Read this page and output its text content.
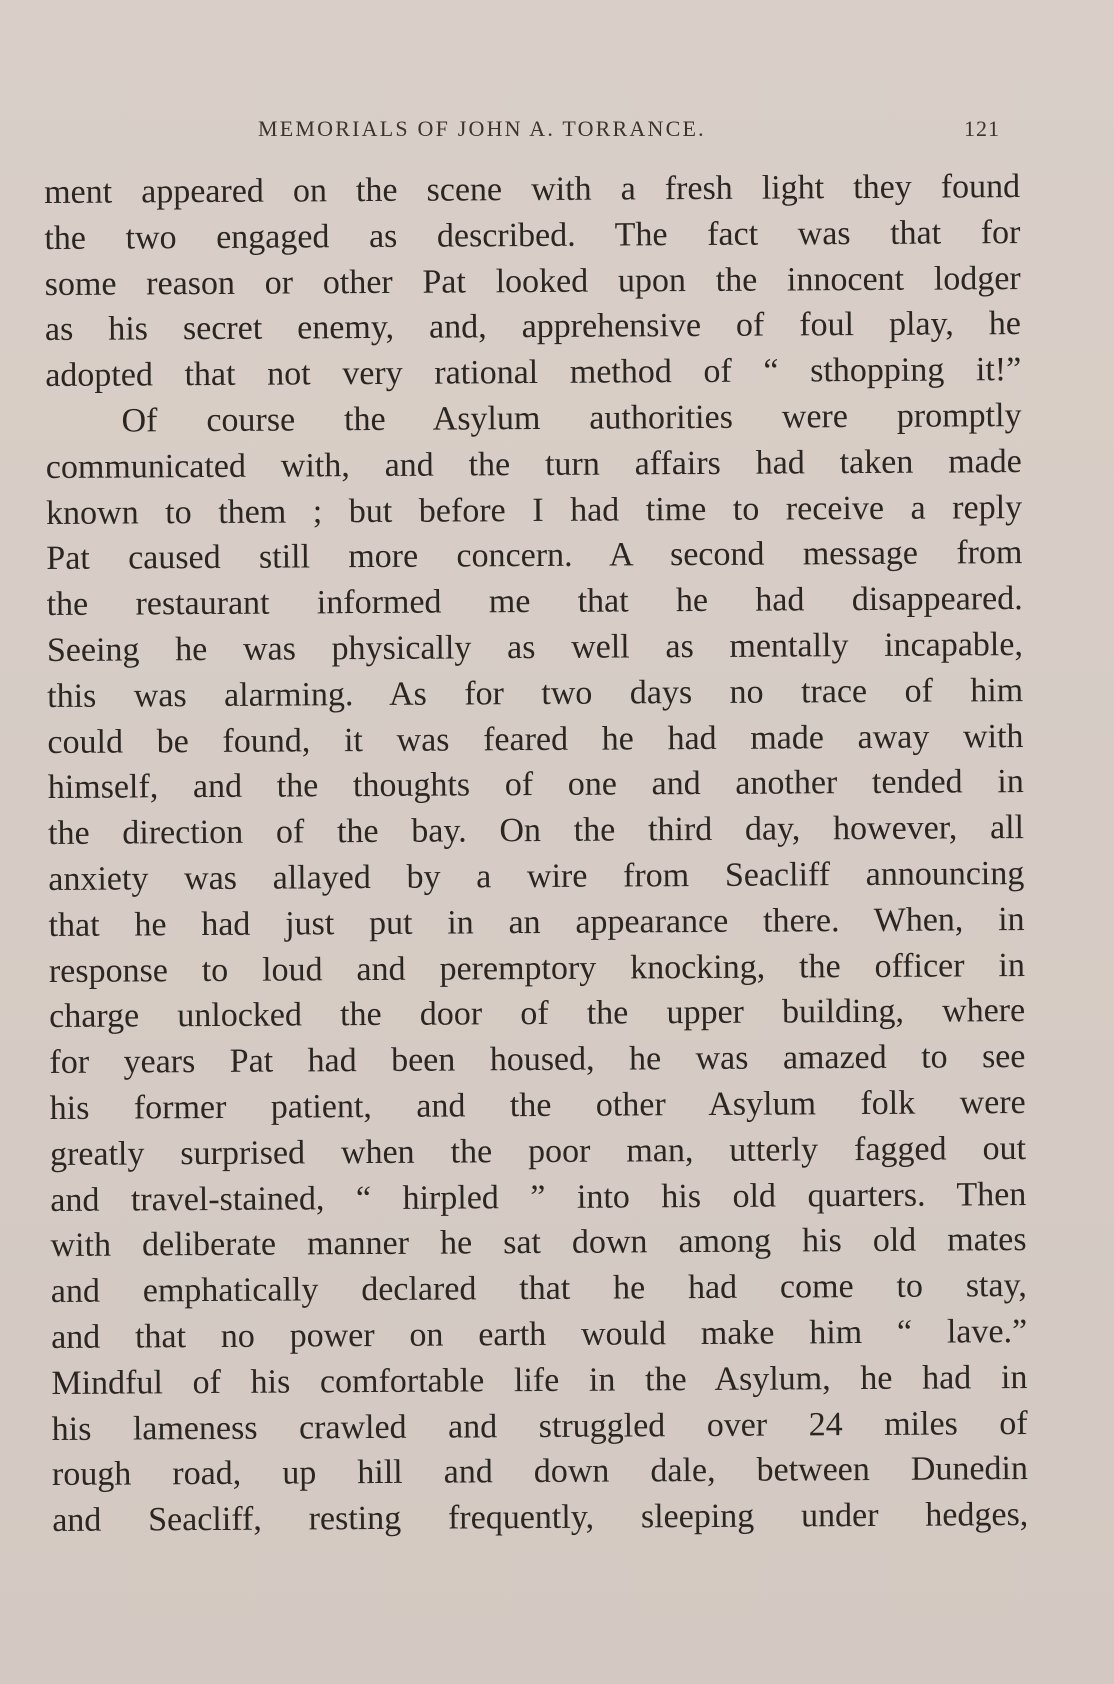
MEMORIALS OF JOHN A. TORRANCE.	121
ment appeared on the scene with a fresh light they found
the two engaged as described. The fact was that for
some reason or other Pat looked upon the innocent lodger
as his secret enemy, and, apprehensive of foul play, he
adopted that not very rational method of “ sthopping it!”
Of course the Asylum authorities were promptly
communicated with, and the turn affairs had taken made
known to them ; but before I had time to receive a reply
Pat caused still more concern. A second message from
the restaurant informed me that he had disappeared.
Seeing he was physically as well as mentally incapable,
this was alarming. As for two days no trace of him
could be found, it was feared he had made away with
himself, and the thoughts of one and another tended in
the direction of the bay. On the third day, however, all
anxiety was allayed by a wire from Seacliff announcing
that he had just put in an appearance there. When, in
response to loud and peremptory knocking, the officer in
charge unlocked the door of the upper building, where
for years Pat had been housed, he was amazed to see
his former patient, and the other Asylum folk were
greatly surprised when the poor man, utterly fagged out
and travel-stained, “ hirpled ” into his old quarters. Then
with deliberate manner he sat down among his old mates
and emphatically declared that he had come to stay,
and that no power on earth would make him “ lave.”
Mindful of his comfortable life in the Asylum, he had in
his lameness crawled and struggled over 24 miles of
rough road, up hill and down dale, between Dunedin
and Seacliff, resting frequently, sleeping under hedges,
